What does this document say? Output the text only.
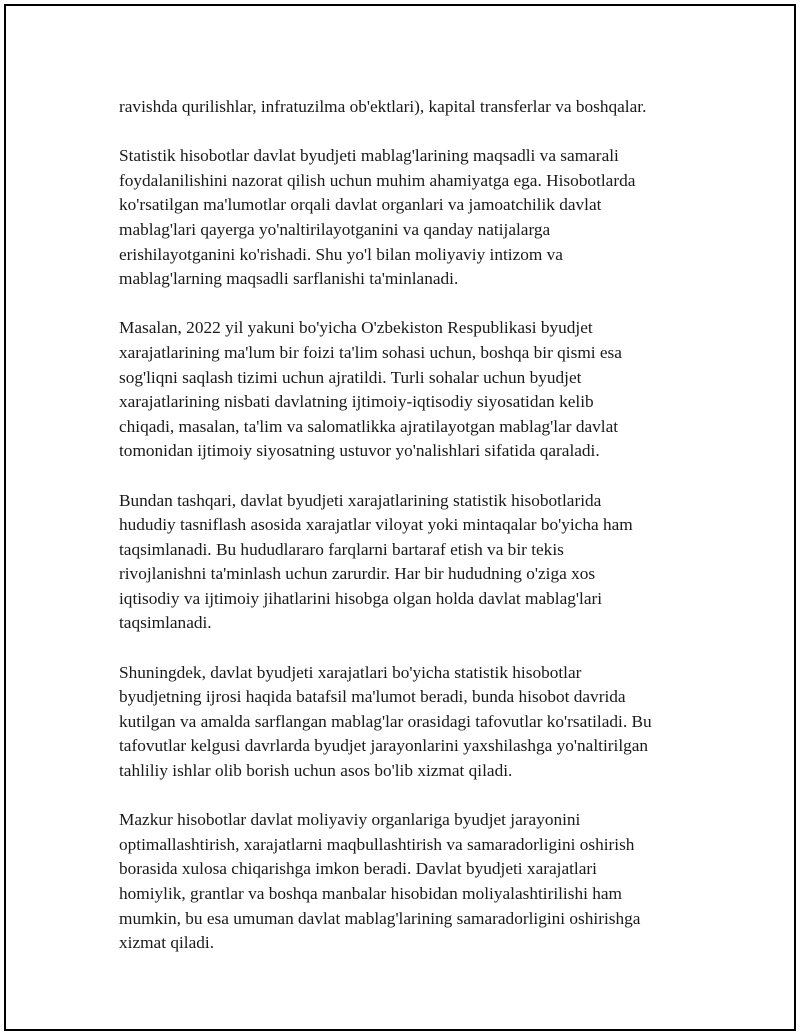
ravishda qurilishlar, infratuzilma ob'ektlari), kapital transferlar va boshqalar.

Statistik hisobotlar davlat byudjeti mablag'larining maqsadli va samarali
foydalanilishini nazorat qilish uchun muhim ahamiyatga ega. Hisobotlarda
ko'rsatilgan ma'lumotlar orqali davlat organlari va jamoatchilik davlat
mablag'lari qayerga yo'naltirilayotganini va qanday natijalarga
erishilayotganini ko'rishadi. Shu yo'l bilan moliyaviy intizom va
mablag'larning maqsadli sarflanishi ta'minlanadi.

Masalan, 2022 yil yakuni bo'yicha O'zbekiston Respublikasi byudjet
xarajatlarining ma'lum bir foizi ta'lim sohasi uchun, boshqa bir qismi esa
sog'liqni saqlash tizimi uchun ajratildi. Turli sohalar uchun byudjet
xarajatlarining nisbati davlatning ijtimoiy-iqtisodiy siyosatidan kelib
chiqadi, masalan, ta'lim va salomatlikka ajratilayotgan mablag'lar davlat
tomonidan ijtimoiy siyosatning ustuvor yo'nalishlari sifatida qaraladi.

Bundan tashqari, davlat byudjeti xarajatlarining statistik hisobotlarida
hududiy tasniflash asosida xarajatlar viloyat yoki mintaqalar bo'yicha ham
taqsimlanadi. Bu hududlararo farqlarni bartaraf etish va bir tekis
rivojlanishni ta'minlash uchun zarurdir. Har bir hududning o'ziga xos
iqtisodiy va ijtimoiy jihatlarini hisobga olgan holda davlat mablag'lari
taqsimlanadi.

Shuningdek, davlat byudjeti xarajatlari bo'yicha statistik hisobotlar
byudjetning ijrosi haqida batafsil ma'lumot beradi, bunda hisobot davrida
kutilgan va amalda sarflangan mablag'lar orasidagi tafovutlar ko'rsatiladi. Bu
tafovutlar kelgusi davrlarda byudjet jarayonlarini yaxshilashga yo'naltirilgan
tahliliy ishlar olib borish uchun asos bo'lib xizmat qiladi.

Mazkur hisobotlar davlat moliyaviy organlariga byudjet jarayonini
optimallashtirish, xarajatlarni maqbullashtirish va samaradorligini oshirish
borasida xulosa chiqarishga imkon beradi. Davlat byudjeti xarajatlari
homiylik, grantlar va boshqa manbalar hisobidan moliyalashtirilishi ham
mumkin, bu esa umuman davlat mablag'larining samaradorligini oshirishga
xizmat qiladi.
